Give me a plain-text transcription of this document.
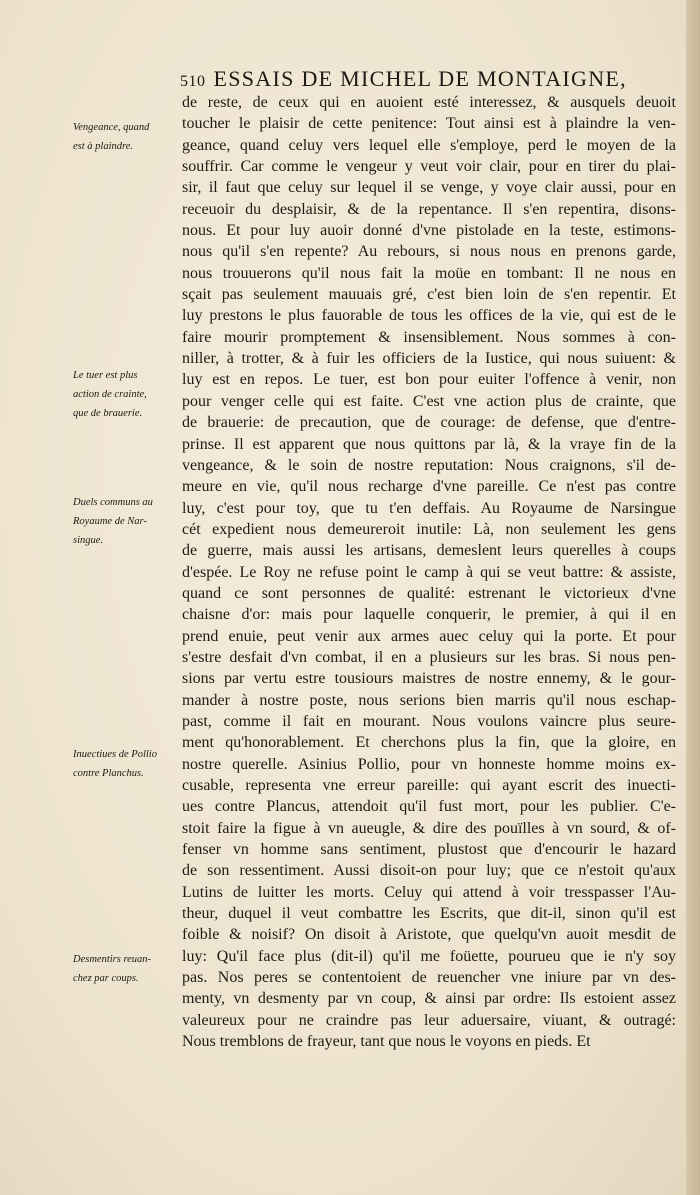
510 ESSAIS DE MICHEL DE MONTAIGNE,
de reste, de ceux qui en auoient esté interessez, & ausquels deuoit
toucher le plaisir de cette penitence: Tout ainsi est à plaindre la ven-
geance, quand celuy vers lequel elle s'employe, perd le moyen de la
souffrir. Car comme le vengeur y veut voir clair, pour en tirer du plai-
sir, il faut que celuy sur lequel il se venge, y voye clair aussi, pour en
receuoir du desplaisir, & de la repentance. Il s'en repentira, disons-
nous. Et pour luy auoir donné d'vne pistolade en la teste, estimons-
nous qu'il s'en repente? Au rebours, si nous nous en prenons garde,
nous trouuerons qu'il nous fait la moüe en tombant: Il ne nous en
sçait pas seulement mauuais gré, c'est bien loin de s'en repentir. Et
luy prestons le plus fauorable de tous les offices de la vie, qui est de le
faire mourir promptement & insensiblement. Nous sommes à con-
niller, à trotter, & à fuir les officiers de la Iustice, qui nous suiuent: &
luy est en repos. Le tuer, est bon pour euiter l'offence à venir, non
pour venger celle qui est faite. C'est vne action plus de crainte, que
de brauerie: de precaution, que de courage: de defense, que d'entre-
prinse. Il est apparent que nous quittons par là, & la vraye fin de la
vengeance, & le soin de nostre reputation: Nous craignons, s'il de-
meure en vie, qu'il nous recharge d'vne pareille. Ce n'est pas contre
luy, c'est pour toy, que tu t'en deffais. Au Royaume de Narsingue
cét expedient nous demeureroit inutile: Là, non seulement les gens
de guerre, mais aussi les artisans, demeslent leurs querelles à coups
d'espée. Le Roy ne refuse point le camp à qui se veut battre: & assiste,
quand ce sont personnes de qualité: estrenant le victorieux d'vne
chaisne d'or: mais pour laquelle conquerir, le premier, à qui il en
prend enuie, peut venir aux armes auec celuy qui la porte. Et pour
s'estre desfait d'vn combat, il en a plusieurs sur les bras. Si nous pen-
sions par vertu estre tousiours maistres de nostre ennemy, & le gour-
mander à nostre poste, nous serions bien marris qu'il nous eschap-
past, comme il fait en mourant. Nous voulons vaincre plus seure-
ment qu'honorablement. Et cherchons plus la fin, que la gloire, en
nostre querelle. Asinius Pollio, pour vn honneste homme moins ex-
cusable, representa vne erreur pareille: qui ayant escrit des inuecti-
ues contre Plancus, attendoit qu'il fust mort, pour les publier. C'e-
stoit faire la figue à vn aueugle, & dire des pouïlles à vn sourd, & of-
fenser vn homme sans sentiment, plustost que d'encourir le hazard
de son ressentiment. Aussi disoit-on pour luy; que ce n'estoit qu'aux
Lutins de luitter les morts. Celuy qui attend à voir tresspasser l'Au-
theur, duquel il veut combattre les Escrits, que dit-il, sinon qu'il est
foible & noisif? On disoit à Aristote, que quelqu'vn auoit mesdit de
luy: Qu'il face plus (dit-il) qu'il me foüette, pourueu que ie n'y soy
pas. Nos peres se contentoient de reuencher vne iniure par vn des-
menty, vn desmenty par vn coup, & ainsi par ordre: Ils estoient assez
valeureux pour ne craindre pas leur aduersaire, viuant, & outragé:
Nous tremblons de frayeur, tant que nous le voyons en pieds. Et
Vengeance, quand
est à plaindre.
Le tuer est plus
action de crainte,
que de brauerie.
Duels communs au
Royaume de Nar-
singue.
Inuectiues de Pollio
contre Planchus.
Desmentirs reuan-
chez par coups.
